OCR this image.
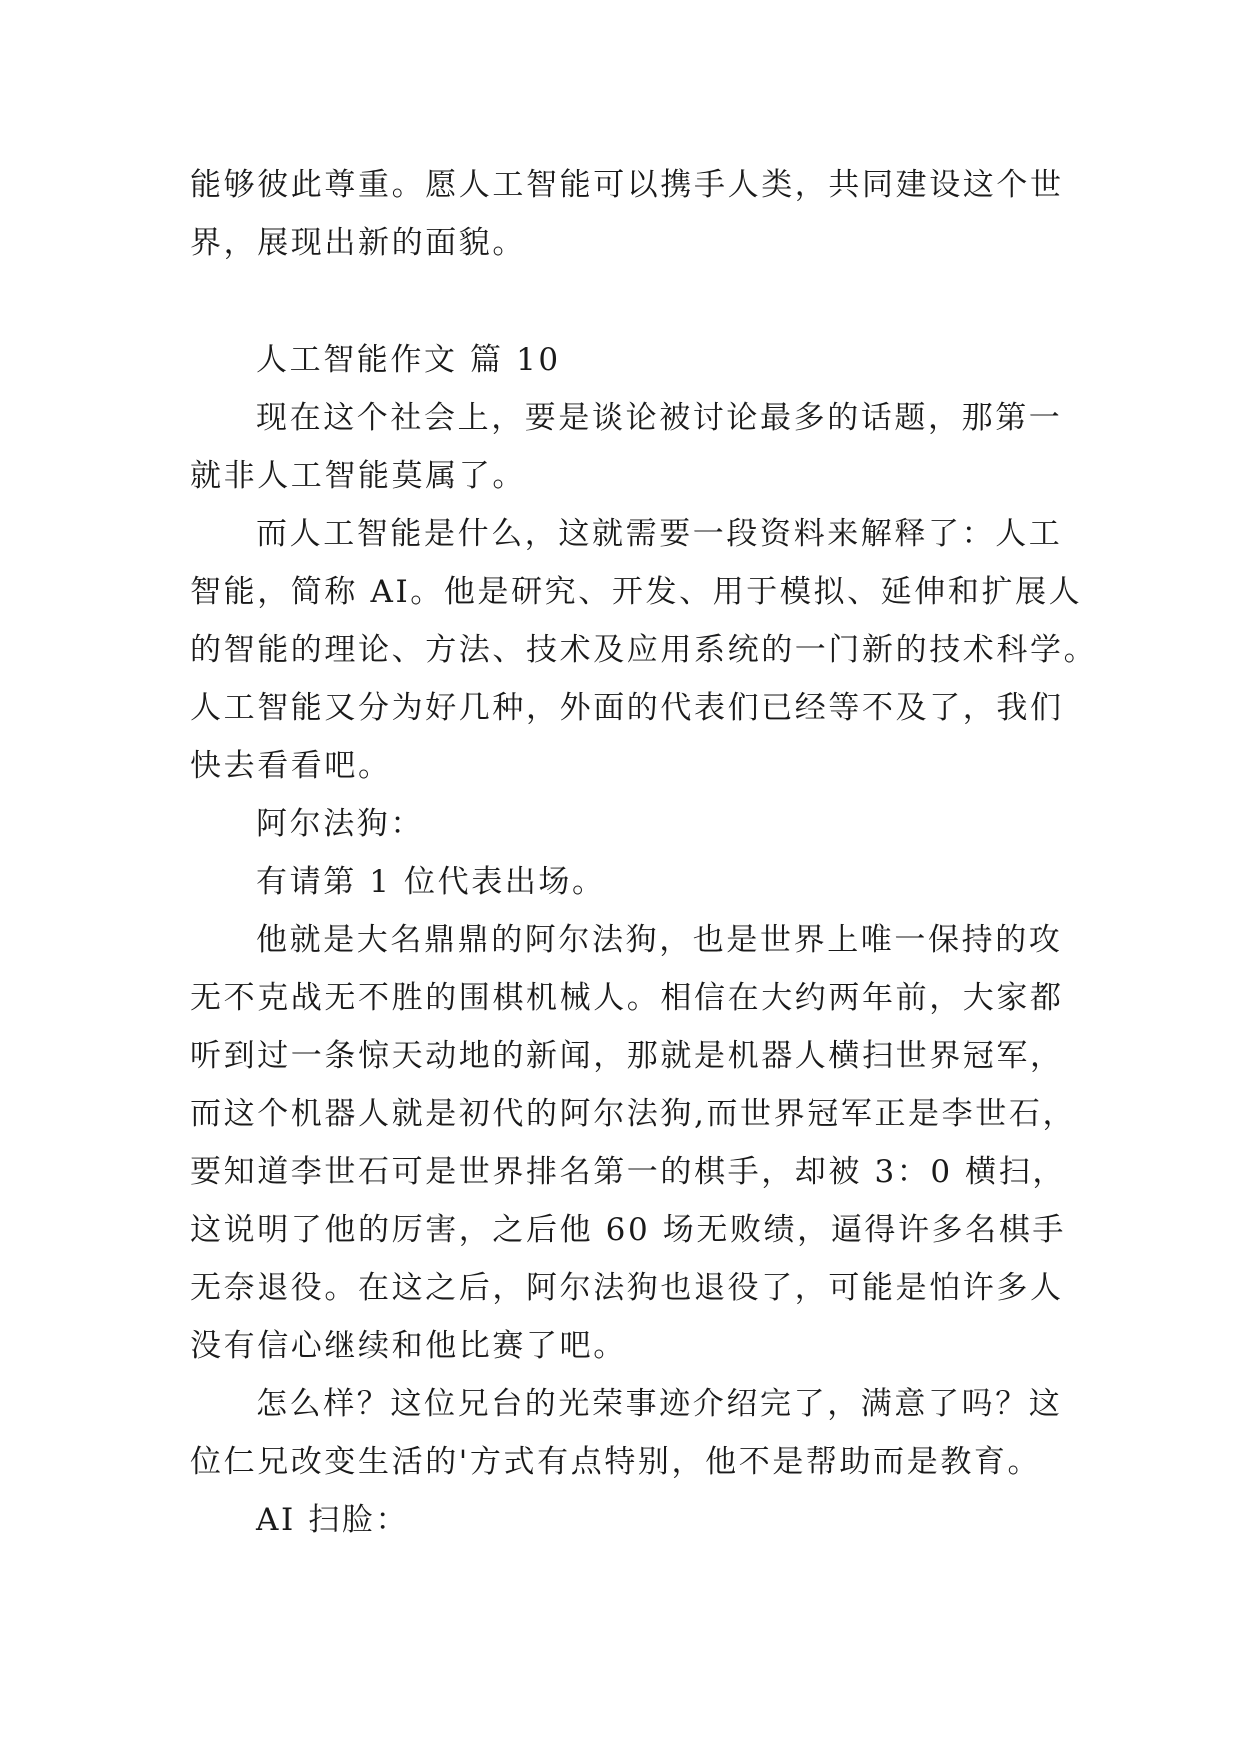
能够彼此尊重。愿人工智能可以携手人类，共同建设这个世
界，展现出新的面貌。
人工智能作文 篇 10
现在这个社会上，要是谈论被讨论最多的话题，那第一
就非人工智能莫属了。
而人工智能是什么，这就需要一段资料来解释了：人工
智能，简称 AI。他是研究、开发、用于模拟、延伸和扩展人
的智能的理论、方法、技术及应用系统的一门新的技术科学。
人工智能又分为好几种，外面的代表们已经等不及了，我们
快去看看吧。
阿尔法狗：
有请第 1 位代表出场。
他就是大名鼎鼎的阿尔法狗，也是世界上唯一保持的攻
无不克战无不胜的围棋机械人。相信在大约两年前，大家都
听到过一条惊天动地的新闻，那就是机器人横扫世界冠军，
而这个机器人就是初代的阿尔法狗,而世界冠军正是李世石，
要知道李世石可是世界排名第一的棋手，却被 3：0 横扫，
这说明了他的厉害，之后他 60 场无败绩，逼得许多名棋手
无奈退役。在这之后，阿尔法狗也退役了，可能是怕许多人
没有信心继续和他比赛了吧。
怎么样？这位兄台的光荣事迹介绍完了，满意了吗？这
位仁兄改变生活的'方式有点特别，他不是帮助而是教育。
AI 扫脸：
